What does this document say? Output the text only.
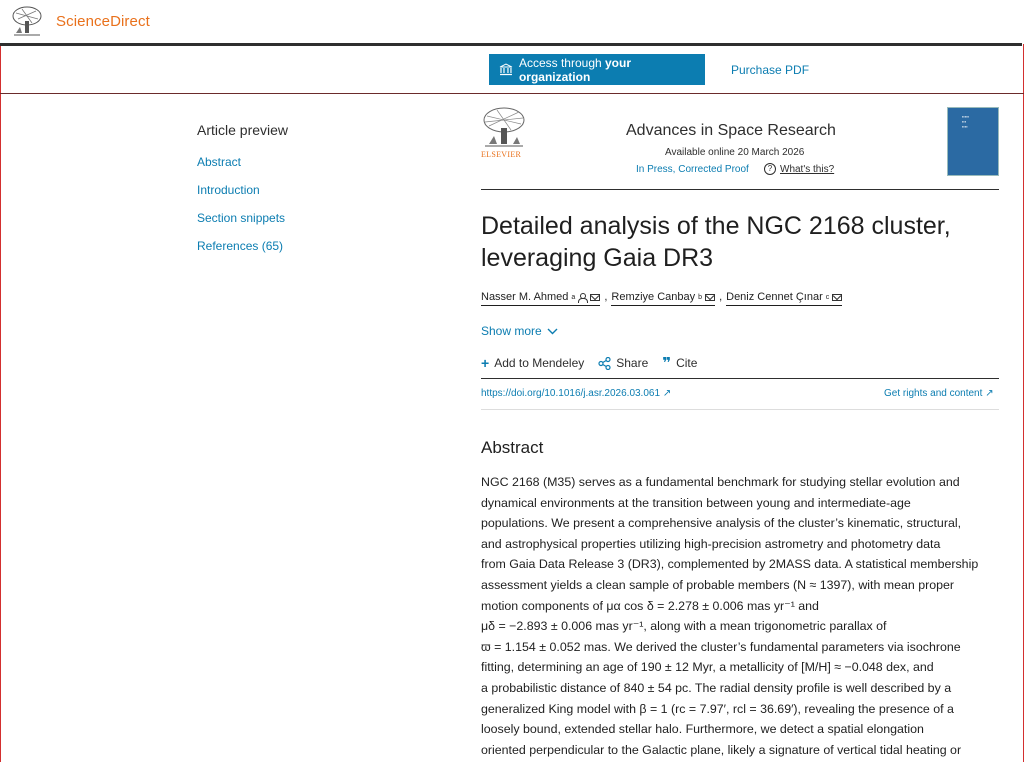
ScienceDirect
Access through your organization	Purchase PDF
Article preview
Abstract
Introduction
Section snippets
References (65)
ELSEVIER
Advances in Space Research
Available online 20 March 2026
In Press, Corrected Proof	? What's this?
▪▪▪▪▪
▪▪▪
▪▪▪▪
Detailed analysis of the NGC 2168 cluster, leveraging Gaia DR3
Nasser M. Ahmed a	, Remziye Canbay b , Deniz Cennet Çınar c
Show more
+ Add to Mendeley	Share ❞ Cite
https://doi.org/10.1016/j.asr.2026.03.061 ↗	Get rights and content ↗
Abstract
NGC 2168 (M35) serves as a fundamental benchmark for studying stellar evolution and
dynamical environments at the transition between young and intermediate-age
populations. We present a comprehensive analysis of the cluster’s kinematic, structural,
and astrophysical properties utilizing high-precision astrometry and photometry data
from Gaia Data Release 3 (DR3), complemented by 2MASS data. A statistical membership
assessment yields a clean sample of probable members (N ≈ 1397), with mean proper
motion components of μα cos δ = 2.278 ± 0.006 mas yr⁻¹ and
μδ = −2.893 ± 0.006 mas yr⁻¹, along with a mean trigonometric parallax of
ϖ = 1.154 ± 0.052 mas. We derived the cluster’s fundamental parameters via isochrone
fitting, determining an age of 190 ± 12 Myr, a metallicity of [M/H] ≈ −0.048 dex, and
a probabilistic distance of 840 ± 54 pc. The radial density profile is well described by a
generalized King model with β = 1 (rc = 7.97′, rcl = 36.69′), revealing the presence of a
loosely bound, extended stellar halo. Furthermore, we detect a spatial elongation
oriented perpendicular to the Galactic plane, likely a signature of vertical tidal heating or
